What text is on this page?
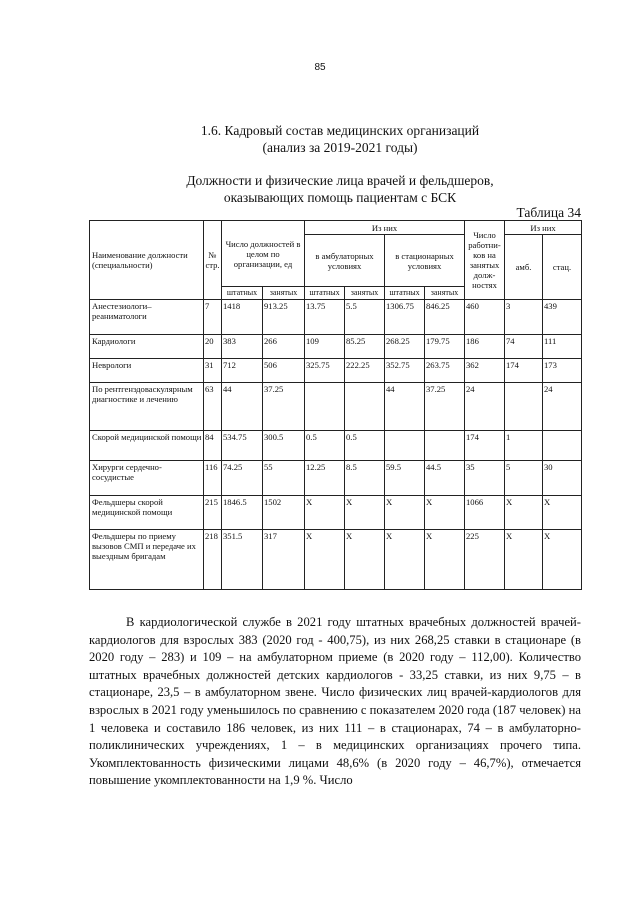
85
1.6. Кадровый состав медицинских организаций
(анализ за 2019-2021 годы)
Должности и физические лица врачей и фельдшеров,
оказывающих помощь пациентам с БСК
Таблица 34
Наименование должности (специальности)	№ стр.	Число должностей в целом по организации, ед		Из них				Число работни-ков на занятых долж-ностях	Из них	
				в амбулаторных условиях		в стационарных условиях			амб.	стац.
		штатных	занятых	штатных	занятых	штатных	занятых			
Анестезиологи–реаниматологи	7	1418	913.25	13.75	5.5	1306.75	846.25	460	3	439
Кардиологи	20	383	266	109	85.25	268.25	179.75	186	74	111
Неврологи	31	712	506	325.75	222.25	352.75	263.75	362	174	173
По рентгенэдоваскулярным диагностике и лечению	63	44	37.25			44	37.25	24		24
Скорой медицинской помощи	84	534.75	300.5	0.5	0.5			174	1	
Хирурги сердечно-сосудистые	116	74.25	55	12.25	8.5	59.5	44.5	35	5	30
Фельдшеры скорой медицинской помощи	215	1846.5	1502	X	X	X	X	1066	X	X
Фельдшеры по приему вызовов СМП и передаче их выездным бригадам	218	351.5	317	X	X	X	X	225	X	X

В кардиологической службе в 2021 году штатных врачебных должностей врачей-кардиологов для взрослых 383 (2020 год - 400,75), из них 268,25 ставки в стационаре (в 2020 году – 283) и 109 – на амбулаторном приеме (в 2020 году – 112,00). Количество штатных врачебных должностей детских кардиологов - 33,25 ставки, из них 9,75 – в стационаре, 23,5 – в амбулаторном звене. Число физических лиц врачей-кардиологов для взрослых в 2021 году уменьшилось по сравнению с показателем 2020 года (187 человек) на 1 человека и составило 186 человек, из них 111 – в стационарах, 74 – в амбулаторно-поликлинических учреждениях, 1 – в медицинских организациях прочего типа. Укомплектованность физическими лицами 48,6% (в 2020 году – 46,7%), отмечается повышение укомплектованности на 1,9 %. Число
